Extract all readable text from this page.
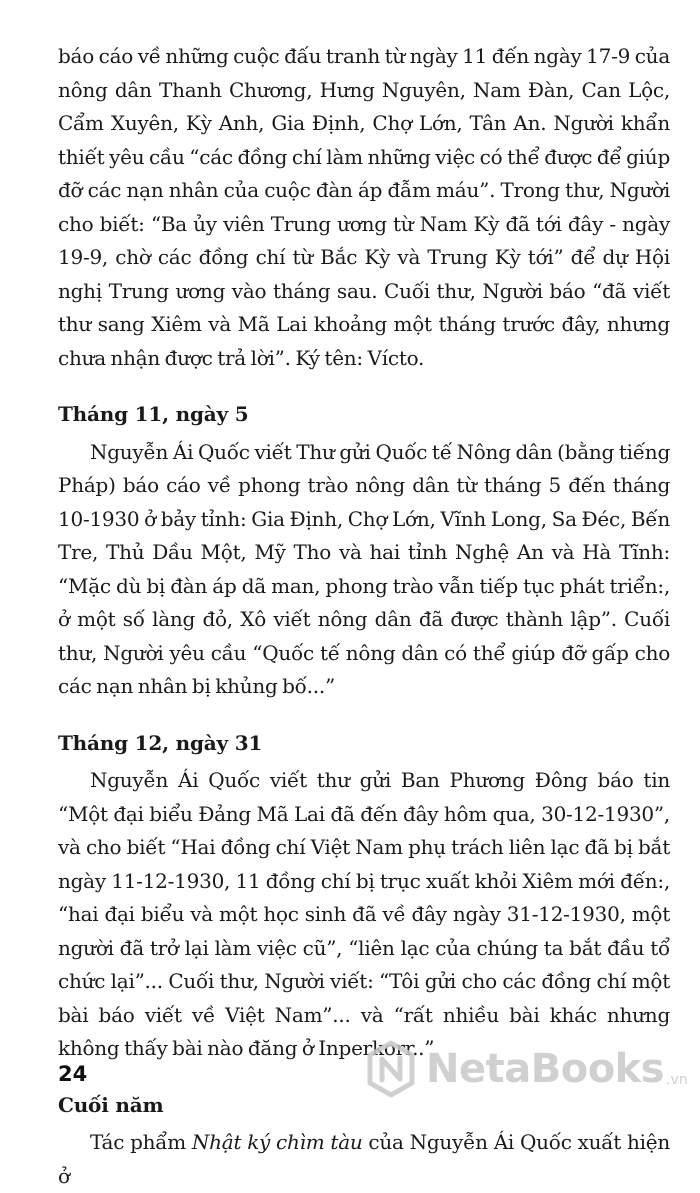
báo cáo về những cuộc đấu tranh từ ngày 11 đến ngày 17-9 của nông dân Thanh Chương, Hưng Nguyên, Nam Đàn, Can Lộc, Cẩm Xuyên, Kỳ Anh, Gia Định, Chợ Lớn, Tân An. Người khẩn thiết yêu cầu “các đồng chí làm những việc có thể được để giúp đỡ các nạn nhân của cuộc đàn áp đẫm máu”. Trong thư, Người cho biết: “Ba ủy viên Trung ương từ Nam Kỳ đã tới đây - ngày 19-9, chờ các đồng chí từ Bắc Kỳ và Trung Kỳ tới” để dự Hội nghị Trung ương vào tháng sau. Cuối thư, Người báo “đã viết thư sang Xiêm và Mã Lai khoảng một tháng trước đây, nhưng chưa nhận được trả lời”. Ký tên: Vícto.

Tháng 11, ngày 5

Nguyễn Ái Quốc viết Thư gửi Quốc tế Nông dân (bằng tiếng Pháp) báo cáo về phong trào nông dân từ tháng 5 đến tháng 10-1930 ở bảy tỉnh: Gia Định, Chợ Lớn, Vĩnh Long, Sa Đéc, Bến Tre, Thủ Dầu Một, Mỹ Tho và hai tỉnh Nghệ An và Hà Tĩnh: “Mặc dù bị đàn áp dã man, phong trào vẫn tiếp tục phát triển:, ở một số làng đỏ, Xô viết nông dân đã được thành lập”. Cuối thư, Người yêu cầu “Quốc tế nông dân có thể giúp đỡ gấp cho các nạn nhân bị khủng bố...”

Tháng 12, ngày 31

Nguyễn Ái Quốc viết thư gửi Ban Phương Đông báo tin “Một đại biểu Đảng Mã Lai đã đến đây hôm qua, 30-12-1930”, và cho biết “Hai đồng chí Việt Nam phụ trách liên lạc đã bị bắt ngày 11-12-1930, 11 đồng chí bị trục xuất khỏi Xiêm mới đến:, “hai đại biểu và một học sinh đã về đây ngày 31-12-1930, một người đã trở lại làm việc cũ”, “liên lạc của chúng ta bắt đầu tổ chức lại”... Cuối thư, Người viết: “Tôi gửi cho các đồng chí một bài báo viết về Việt Nam”... và “rất nhiều bài khác nhưng không thấy bài nào đăng ở Inperkorr..”

Cuối năm

Tác phẩm Nhật ký chìm tàu của Nguyễn Ái Quốc xuất hiện ở

24	NetaBooks .vn
